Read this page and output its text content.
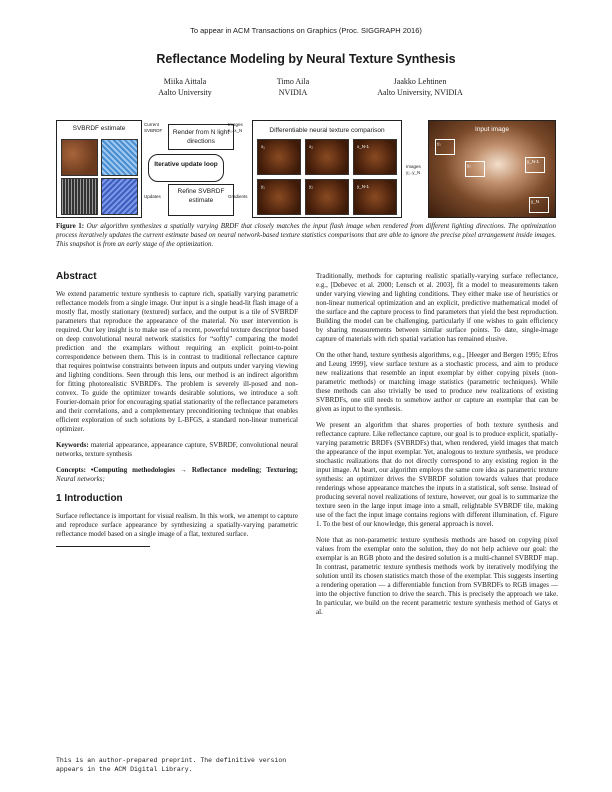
To appear in ACM Transactions on Graphics (Proc. SIGGRAPH 2016)
Reflectance Modeling by Neural Texture Synthesis
Miika Aittala
Aalto University
Timo Aila
NVIDIA
Jaakko Lehtinen
Aalto University, NVIDIA
SVBRDF estimate
Current SVBRDF	Render from N light directions
Images x₁..x_N
Iterative update loop
Updates
Refine SVBRDF estimate	Gradients
Differentiable neural texture comparison
x₁	x₂	x_N-1
y₁	y₂	y_N-1
Images y₁..y_N
Input image
y₁
y₂
y_N-1
y_N
Figure 1: Our algorithm synthesizes a spatially varying BRDF that closely matches the input flash image when rendered from different lighting directions. The optimization process iteratively updates the current estimate based on neural network-based texture statistics comparisons that are able to ignore the precise pixel arrangement inside images. This snapshot is from an early stage of the optimization.
Abstract

We extend parametric texture synthesis to capture rich, spatially varying parametric reflectance models from a single image. Our input is a single head-lit flash image of a mostly flat, mostly stationary (textured) surface, and the output is a tile of SVBRDF parameters that reproduce the appearance of the material. No user intervention is required. Our key insight is to make use of a recent, powerful texture descriptor based on deep convolutional neural network statistics for “softly” comparing the model prediction and the examplars without requiring an explicit point-to-point correspondence between them. This is in contrast to traditional reflectance capture that requires pointwise constraints between inputs and outputs under varying viewing and lighting conditions. Seen through this lens, our method is an indirect algorithm for fitting photorealistic SVBRDFs. The problem is severely ill-posed and non-convex. To guide the optimizer towards desirable solutions, we introduce a soft Fourier-domain prior for encouraging spatial stationarity of the reflectance parameters and their correlations, and a complementary preconditioning technique that enables efficient exploration of such solutions by L-BFGS, a standard non-linear numerical optimizer.

Keywords: material appearance, appearance capture, SVBRDF, convolutional neural networks, texture synthesis

Concepts: •Computing methodologies → Reflectance modeling; Texturing; Neural networks;

1 Introduction

Surface reflectance is important for visual realism. In this work, we attempt to capture and reproduce surface appearance by synthesizing a spatially-varying parametric reflectance model based on a single image of a flat, textured surface.

This is an author-prepared preprint. The definitive version appears in the ACM Digital Library.

Traditionally, methods for capturing realistic spatially-varying surface reflectance, e.g., [Debevec et al. 2000; Lensch et al. 2003], fit a model to measurements taken under varying viewing and lighting conditions. They either make use of heuristics or non-linear numerical optimization and an explicit, predictive mathematical model of the surface and the capture process to find parameters that yield the best reproduction. Building the model can be challenging, particularly if one wishes to gain efficiency by sharing measurements between similar surface points. To date, single-image capture of materials with rich spatial variation has remained elusive.

On the other hand, texture synthesis algorithms, e.g., [Heeger and Bergen 1995; Efros and Leung 1999], view surface texture as a stochastic process, and aim to produce new realizations that resemble an input exemplar by either copying pixels (non-parametric methods) or matching image statistics (parametric techniques). While these methods can also trivially be used to produce new realizations of existing SVBRDFs, one still needs to somehow author or capture an exemplar that can be given as input to the synthesis.

We present an algorithm that shares properties of both texture synthesis and reflectance capture. Like reflectance capture, our goal is to produce explicit, spatially-varying parametric BRDFs (SVBRDFs) that, when rendered, yield images that match the appearance of the input exemplar. Yet, analogous to texture synthesis, we produce stochastic realizations that do not directly correspond to any existing region in the input image. At heart, our algorithm employs the same core idea as parametric texture synthesis: an optimizer drives the SVBRDF solution towards values that produce renderings whose appearance matches the inputs in a statistical, soft sense. Instead of producing several novel realizations of texture, however, our goal is to summarize the texture seen in the large input image into a small, relightable SVBRDF tile, making use of the fact the input image contains regions with different illumination, cf. Figure 1. To the best of our knowledge, this general approach is novel.

Note that as non-parametric texture synthesis methods are based on copying pixel values from the exemplar onto the solution, they do not help achieve our goal: the exemplar is an RGB photo and the desired solution is a multi-channel SVBRDF map. In contrast, parametric texture synthesis methods work by iteratively modifying the solution until its chosen statistics match those of the exemplar. This suggests inserting a rendering operation — a differentiable function from SVBRDFs to RGB images — into the objective function to drive the search. This is precisely the approach we take. In particular, we build on the recent parametric texture synthesis method of Gatys et al.
